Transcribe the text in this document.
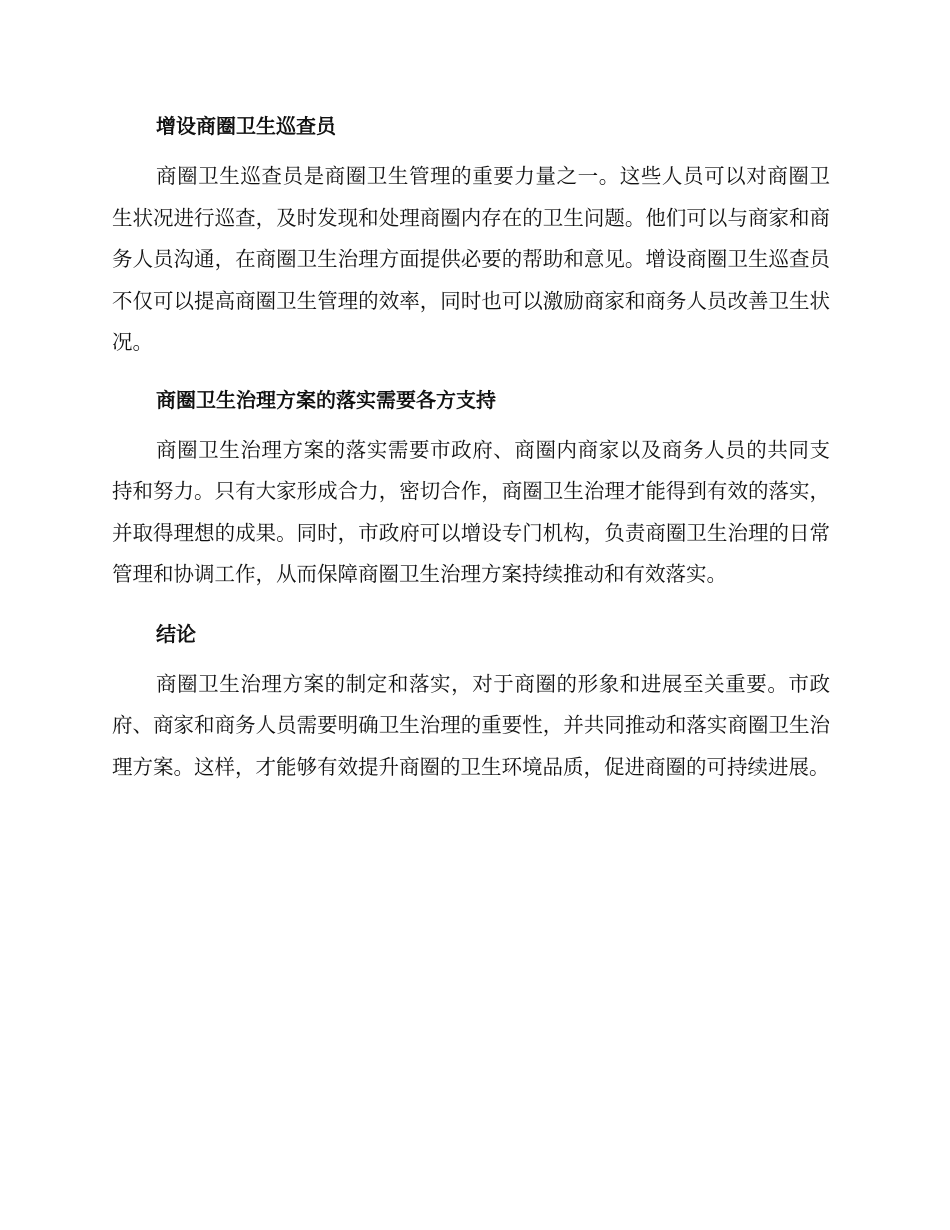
增设商圈卫生巡查员

商圈卫生巡查员是商圈卫生管理的重要力量之一。这些人员可以对商圈卫生状况进行巡查，及时发现和处理商圈内存在的卫生问题。他们可以与商家和商务人员沟通，在商圈卫生治理方面提供必要的帮助和意见。增设商圈卫生巡查员不仅可以提高商圈卫生管理的效率，同时也可以激励商家和商务人员改善卫生状况。

商圈卫生治理方案的落实需要各方支持

商圈卫生治理方案的落实需要市政府、商圈内商家以及商务人员的共同支持和努力。只有大家形成合力，密切合作，商圈卫生治理才能得到有效的落实，并取得理想的成果。同时，市政府可以增设专门机构，负责商圈卫生治理的日常管理和协调工作，从而保障商圈卫生治理方案持续推动和有效落实。

结论

商圈卫生治理方案的制定和落实，对于商圈的形象和进展至关重要。市政府、商家和商务人员需要明确卫生治理的重要性，并共同推动和落实商圈卫生治理方案。这样，才能够有效提升商圈的卫生环境品质，促进商圈的可持续进展。
